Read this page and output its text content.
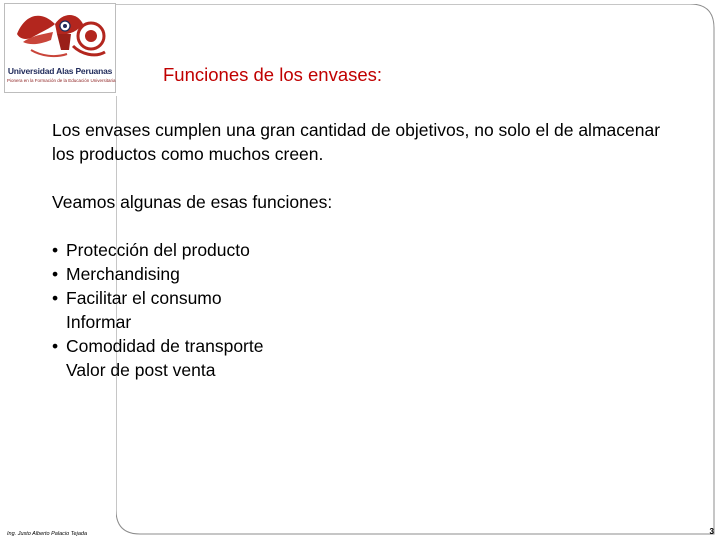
Universidad Alas Peruanas
Pionera en la Formación de la Educación Universitaria	Funciones de los envases:

Los envases cumplen una gran cantidad de objetivos, no solo el de almacenar los productos como muchos creen.

Veamos algunas de esas funciones:

• Protección del producto
• Merchandising
• Facilitar el consumo
Informar
• Comodidad de transporte
Valor de post venta
Ing. Justo Alberto Palacio Tejada	3
